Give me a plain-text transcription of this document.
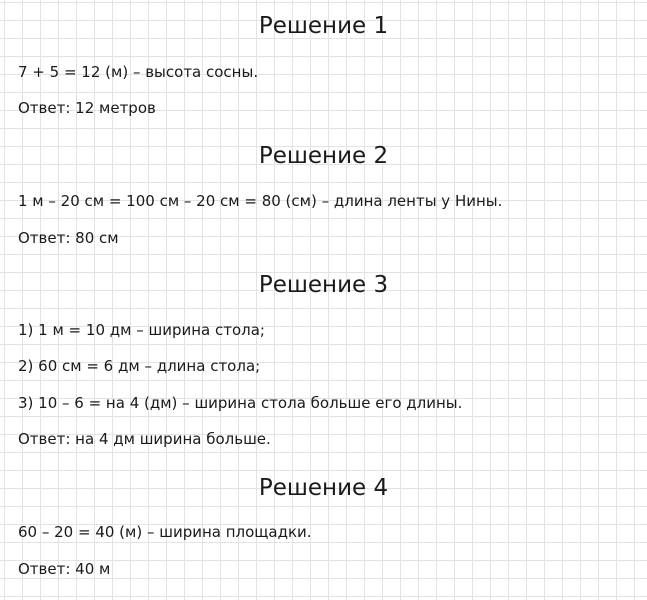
Решение 1

7 + 5 = 12 (м) – высота сосны.

Ответ: 12 метров

Решение 2

1 м – 20 см = 100 см – 20 см = 80 (см) – длина ленты у Нины.

Ответ: 80 см

Решение 3

1) 1 м = 10 дм – ширина стола;

2) 60 см = 6 дм – длина стола;

3) 10 – 6 = на 4 (дм) – ширина стола больше его длины.

Ответ: на 4 дм ширина больше.

Решение 4

60 – 20 = 40 (м) – ширина площадки.

Ответ: 40 м
